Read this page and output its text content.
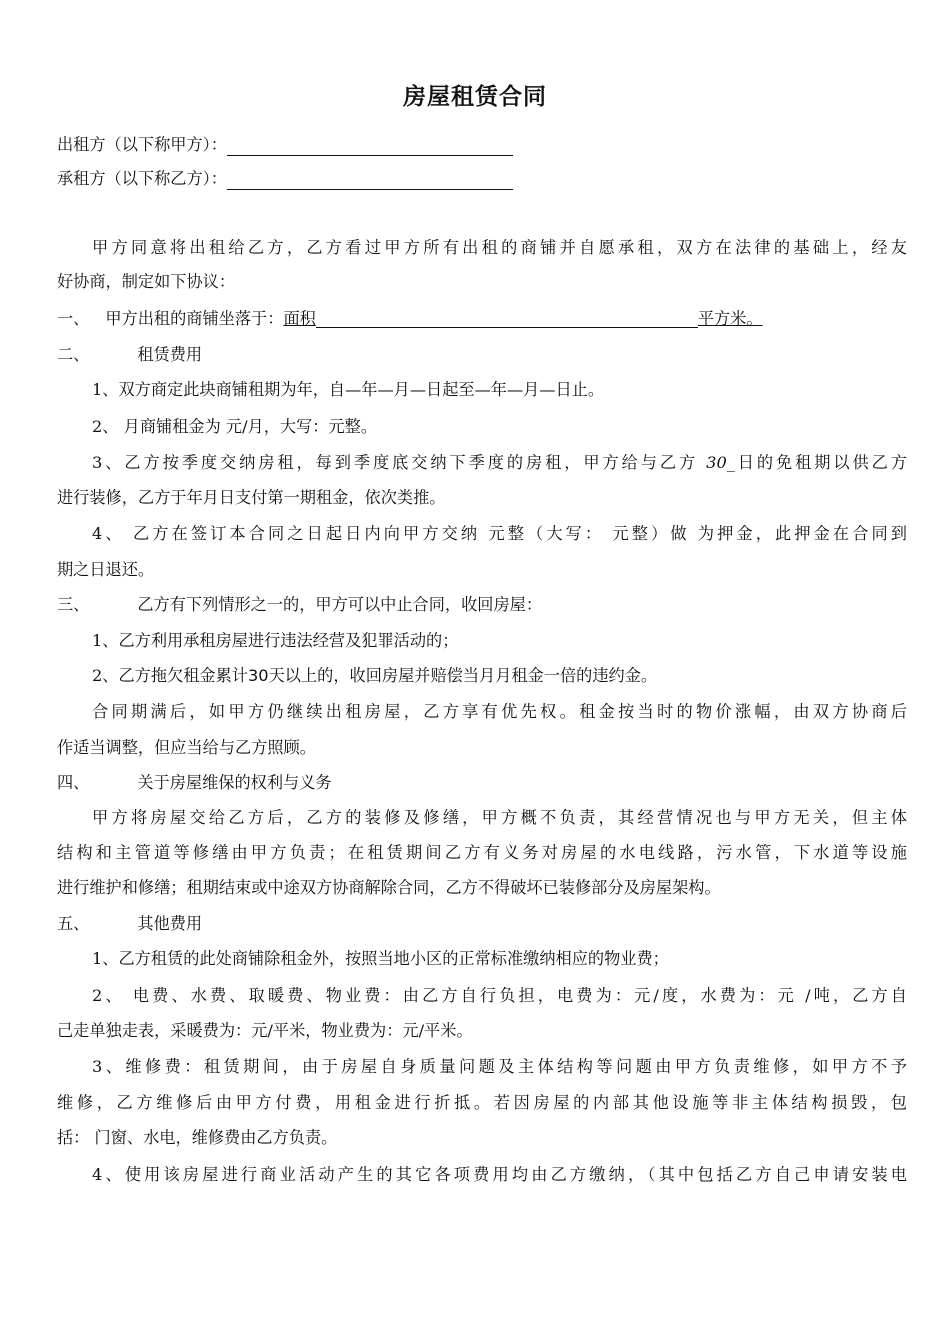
房屋租赁合同
出租方（以下称甲方）：
承租方（以下称乙方）：
甲方同意将出租给乙方，乙方看过甲方所有出租的商铺并自愿承租，双方在法律的基础上，经友
好协商，制定如下协议：
一、 甲方出租的商铺坐落于：面积	平方米。
二、	租赁费用
1、双方商定此块商铺租期为年，自—年—月—日起至—年—月—日止。
2、 月商铺租金为 元/月，大写：元整。
3、乙方按季度交纳房租，每到季度底交纳下季度的房租，甲方给与乙方 30_日的免租期以供乙方
进行装修，乙方于年月日支付第一期租金，依次类推。
4、 乙方在签订本合同之日起日内向甲方交纳 元整（大写： 元整）做 为押金，此押金在合同到
期之日退还。
三、	乙方有下列情形之一的，甲方可以中止合同，收回房屋：
1、乙方利用承租房屋进行违法经营及犯罪活动的；
2、乙方拖欠租金累计30天以上的，收回房屋并赔偿当月月租金一倍的违约金。
合同期满后，如甲方仍继续出租房屋，乙方享有优先权。租金按当时的物价涨幅，由双方协商后
作适当调整，但应当给与乙方照顾。
四、	关于房屋维保的权利与义务
甲方将房屋交给乙方后，乙方的装修及修缮，甲方概不负责，其经营情况也与甲方无关，但主体
结构和主管道等修缮由甲方负责；在租赁期间乙方有义务对房屋的水电线路，污水管，下水道等设施
进行维护和修缮；租期结束或中途双方协商解除合同，乙方不得破坏已装修部分及房屋架构。
五、	其他费用
1、乙方租赁的此处商铺除租金外，按照当地小区的正常标准缴纳相应的物业费；
2、 电费、水费、取暖费、物业费：由乙方自行负担，电费为：元/度，水费为：元 /吨，乙方自
己走单独走表，采暖费为：元/平米，物业费为：元/平米。
3、维修费：租赁期间，由于房屋自身质量问题及主体结构等问题由甲方负责维修，如甲方不予
维修，乙方维修后由甲方付费，用租金进行折抵。若因房屋的内部其他设施等非主体结构损毁，包
括： 门窗、水电，维修费由乙方负责。
4、使用该房屋进行商业活动产生的其它各项费用均由乙方缴纳，（其中包括乙方自己申请安装电
